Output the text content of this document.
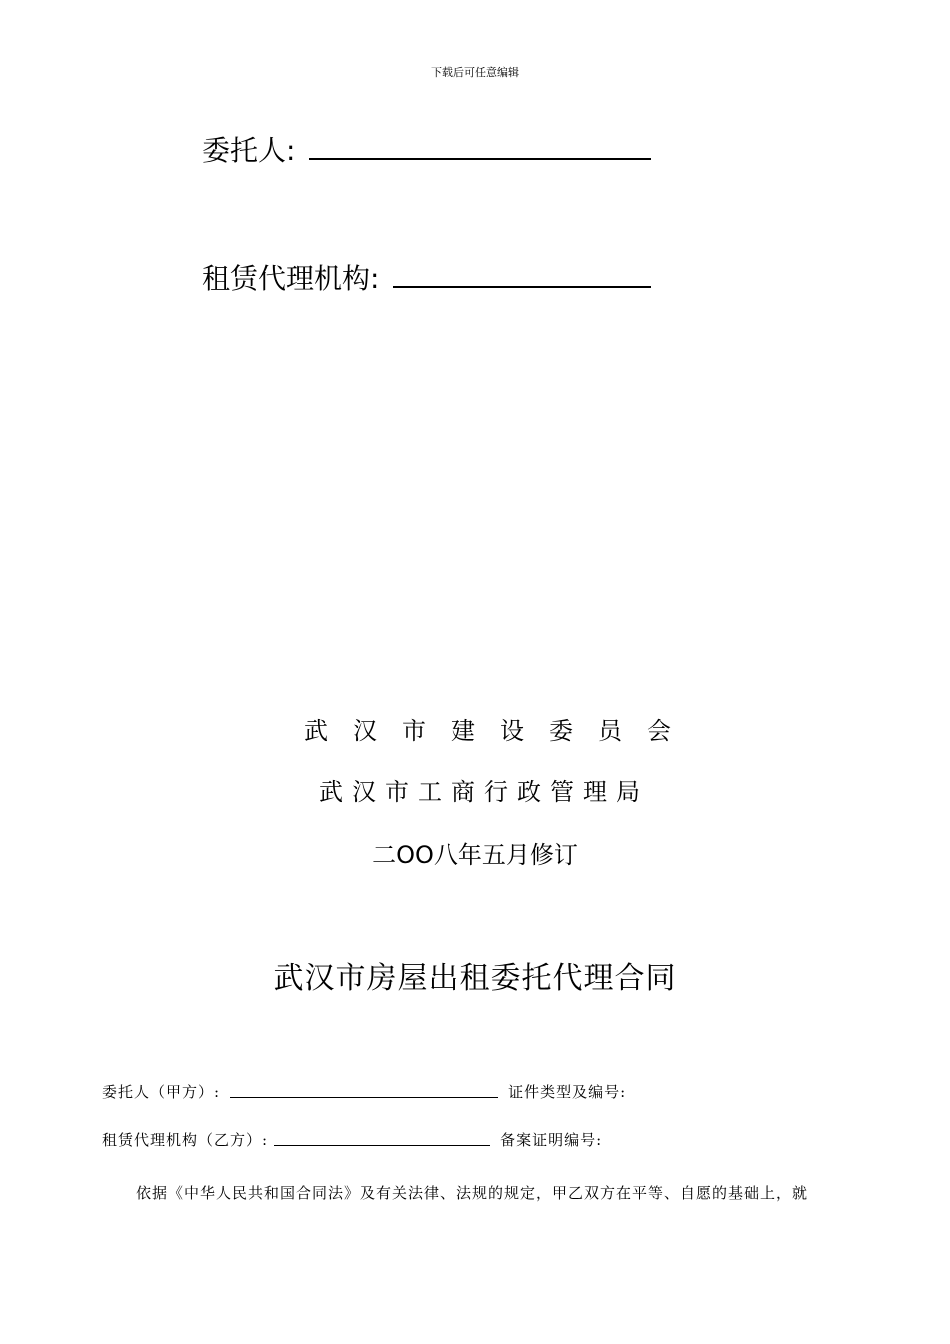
下载后可任意编辑
委托人:
租赁代理机构:
武汉市建设委员会
武汉市工商行政管理局
二OO八年五月修订
武汉市房屋出租委托代理合同
委托人（甲方）:	证件类型及编号:
租赁代理机构（乙方）:	备案证明编号:
依据《中华人民共和国合同法》及有关法律、法规的规定，甲乙双方在平等、自愿的基础上，就
